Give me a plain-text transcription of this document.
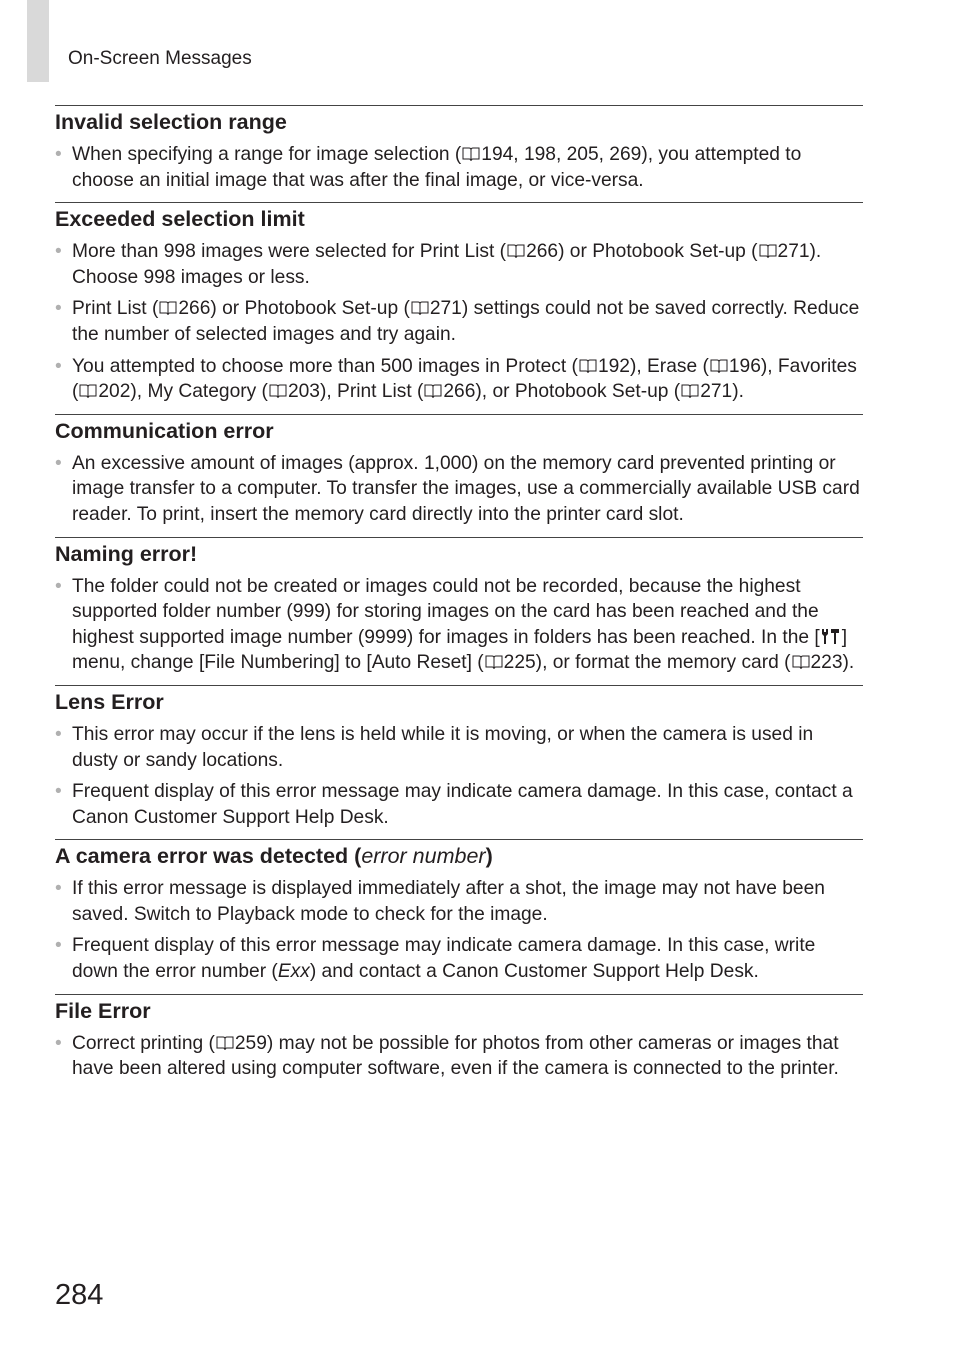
On-Screen Messages
Invalid selection range
• When specifying a range for image selection ( 194, 198, 205, 269), you attempted to choose an initial image that was after the final image, or vice-versa.
Exceeded selection limit
• More than 998 images were selected for Print List ( 266) or Photobook Set-up ( 271). Choose 998 images or less.
• Print List ( 266) or Photobook Set-up ( 271) settings could not be saved correctly. Reduce the number of selected images and try again.
• You attempted to choose more than 500 images in Protect ( 192), Erase ( 196), Favorites ( 202), My Category ( 203), Print List ( 266), or Photobook Set-up ( 271).
Communication error
• An excessive amount of images (approx. 1,000) on the memory card prevented printing or image transfer to a computer. To transfer the images, use a commercially available USB card reader. To print, insert the memory card directly into the printer card slot.
Naming error!
• The folder could not be created or images could not be recorded, because the highest supported folder number (999) for storing images on the card has been reached and the highest supported image number (9999) for images in folders has been reached. In the [ ] menu, change [File Numbering] to [Auto Reset] ( 225), or format the memory card ( 223).
Lens Error
• This error may occur if the lens is held while it is moving, or when the camera is used in dusty or sandy locations.
• Frequent display of this error message may indicate camera damage. In this case, contact a Canon Customer Support Help Desk.
A camera error was detected (error number)
• If this error message is displayed immediately after a shot, the image may not have been saved. Switch to Playback mode to check for the image.
• Frequent display of this error message may indicate camera damage. In this case, write down the error number (Exx) and contact a Canon Customer Support Help Desk.
File Error
• Correct printing ( 259) may not be possible for photos from other cameras or images that have been altered using computer software, even if the camera is connected to the printer.
284
